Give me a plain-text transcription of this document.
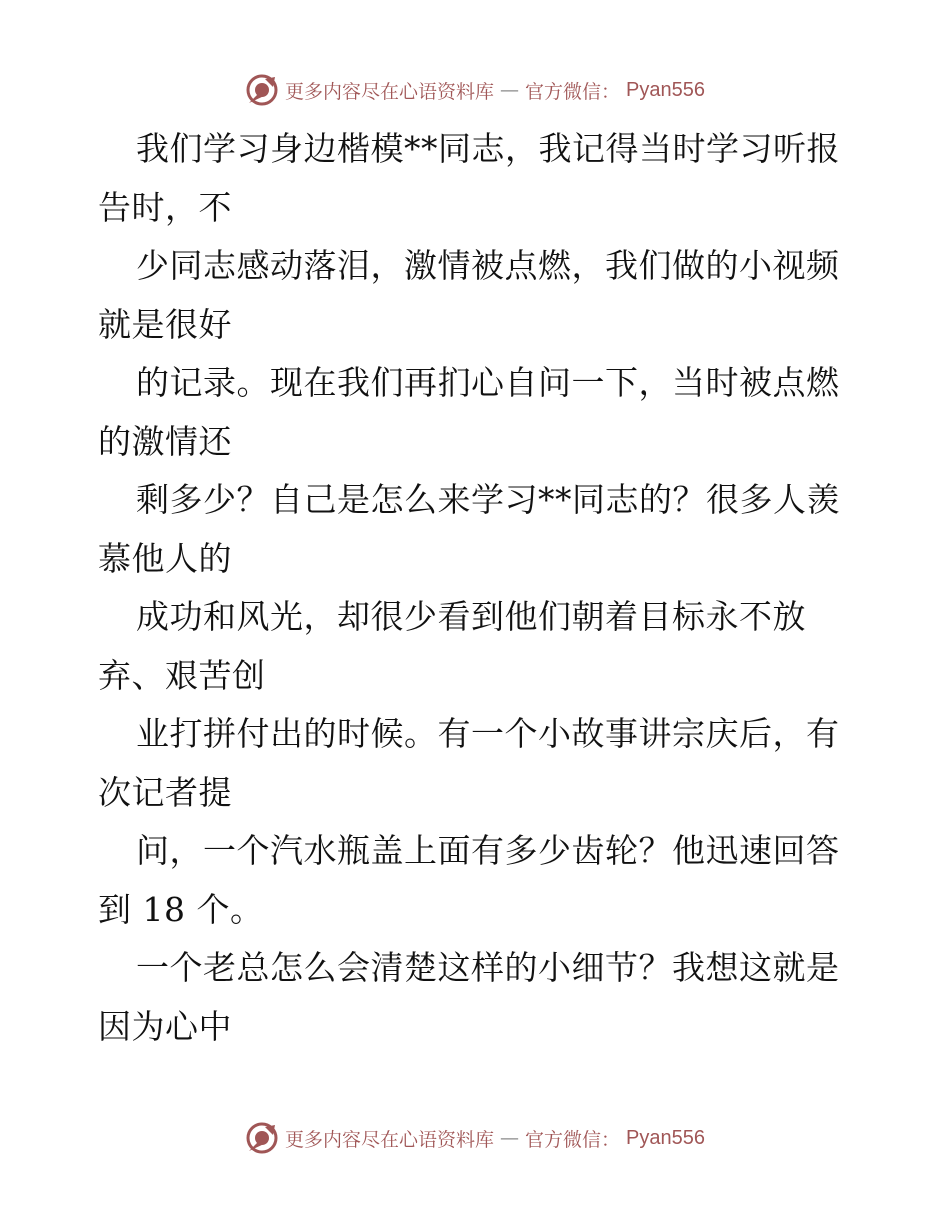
更多内容尽在心语资料库 — 官方微信： Pyan556
我们学习身边楷模**同志，我记得当时学习听报
告时，不
少同志感动落泪，激情被点燃，我们做的小视频
就是很好
的记录。现在我们再扪心自问一下，当时被点燃
的激情还
剩多少？自己是怎么来学习**同志的？很多人羡
慕他人的
成功和风光，却很少看到他们朝着目标永不放
弃、艰苦创
业打拼付出的时候。有一个小故事讲宗庆后，有
次记者提
问，一个汽水瓶盖上面有多少齿轮？他迅速回答
到 18 个。
一个老总怎么会清楚这样的小细节？我想这就是
因为心中
更多内容尽在心语资料库 — 官方微信： Pyan556
